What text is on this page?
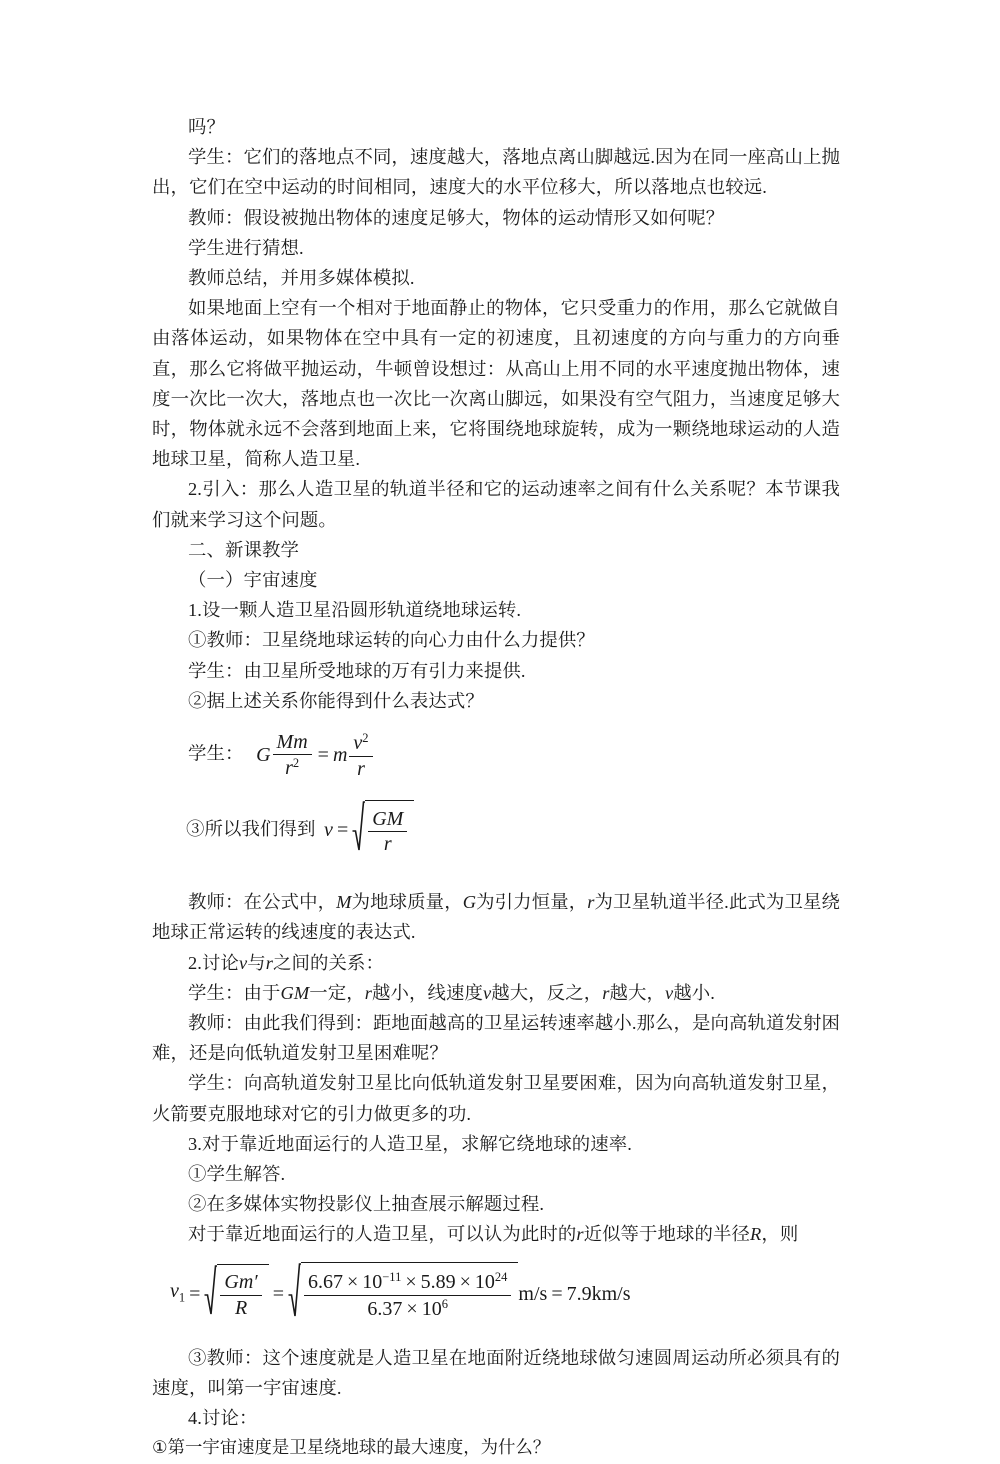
吗？

学生：它们的落地点不同，速度越大，落地点离山脚越远.因为在同一座高山上抛出，它们在空中运动的时间相同，速度大的水平位移大，所以落地点也较远.

教师：假设被抛出物体的速度足够大，物体的运动情形又如何呢？

学生进行猜想.

教师总结，并用多媒体模拟.

如果地面上空有一个相对于地面静止的物体，它只受重力的作用，那么它就做自由落体运动，如果物体在空中具有一定的初速度，且初速度的方向与重力的方向垂直，那么它将做平抛运动，牛顿曾设想过：从高山上用不同的水平速度抛出物体，速度一次比一次大，落地点也一次比一次离山脚远，如果没有空气阻力，当速度足够大时，物体就永远不会落到地面上来，它将围绕地球旋转，成为一颗绕地球运动的人造地球卫星，简称人造卫星.

2.引入：那么人造卫星的轨道半径和它的运动速率之间有什么关系呢？本节课我们就来学习这个问题。

二、新课教学

（一）宇宙速度

1.设一颗人造卫星沿圆形轨道绕地球运转.

①教师：卫星绕地球运转的向心力由什么力提供？

学生：由卫星所受地球的万有引力来提供.

②据上述关系你能得到什么表达式？

学生： G $\frac{Mm}{r^2} = m \frac{v^2}{r}$
③所以我们得到 $v = \frac{GM}{r}$

教师：在公式中，M为地球质量，G为引力恒量，r为卫星轨道半径.此式为卫星绕地球正常运转的线速度的表达式.

2.讨论v与r之间的关系：

学生：由于GM一定，r越小，线速度v越大，反之，r越大，v越小.

教师：由此我们得到：距地面越高的卫星运转速率越小.那么，是向高轨道发射困难，还是向低轨道发射卫星困难呢？

学生：向高轨道发射卫星比向低轨道发射卫星要困难，因为向高轨道发射卫星，火箭要克服地球对它的引力做更多的功.

3.对于靠近地面运行的人造卫星，求解它绕地球的速率.

①学生解答.

②在多媒体实物投影仪上抽查展示解题过程.

对于靠近地面运行的人造卫星，可以认为此时的r近似等于地球的半径R，则

$v_1 = \frac{Gm'}{R} = \frac{6.67 \times 10^{-11} \times 5.89 \times 10^{24}}{6.37 \times 10^6} m/s = 7.9km/s$

③教师：这个速度就是人造卫星在地面附近绕地球做匀速圆周运动所必须具有的速度，叫第一宇宙速度.

4.讨论：

①第一宇宙速度是卫星绕地球的最大速度，为什么？
